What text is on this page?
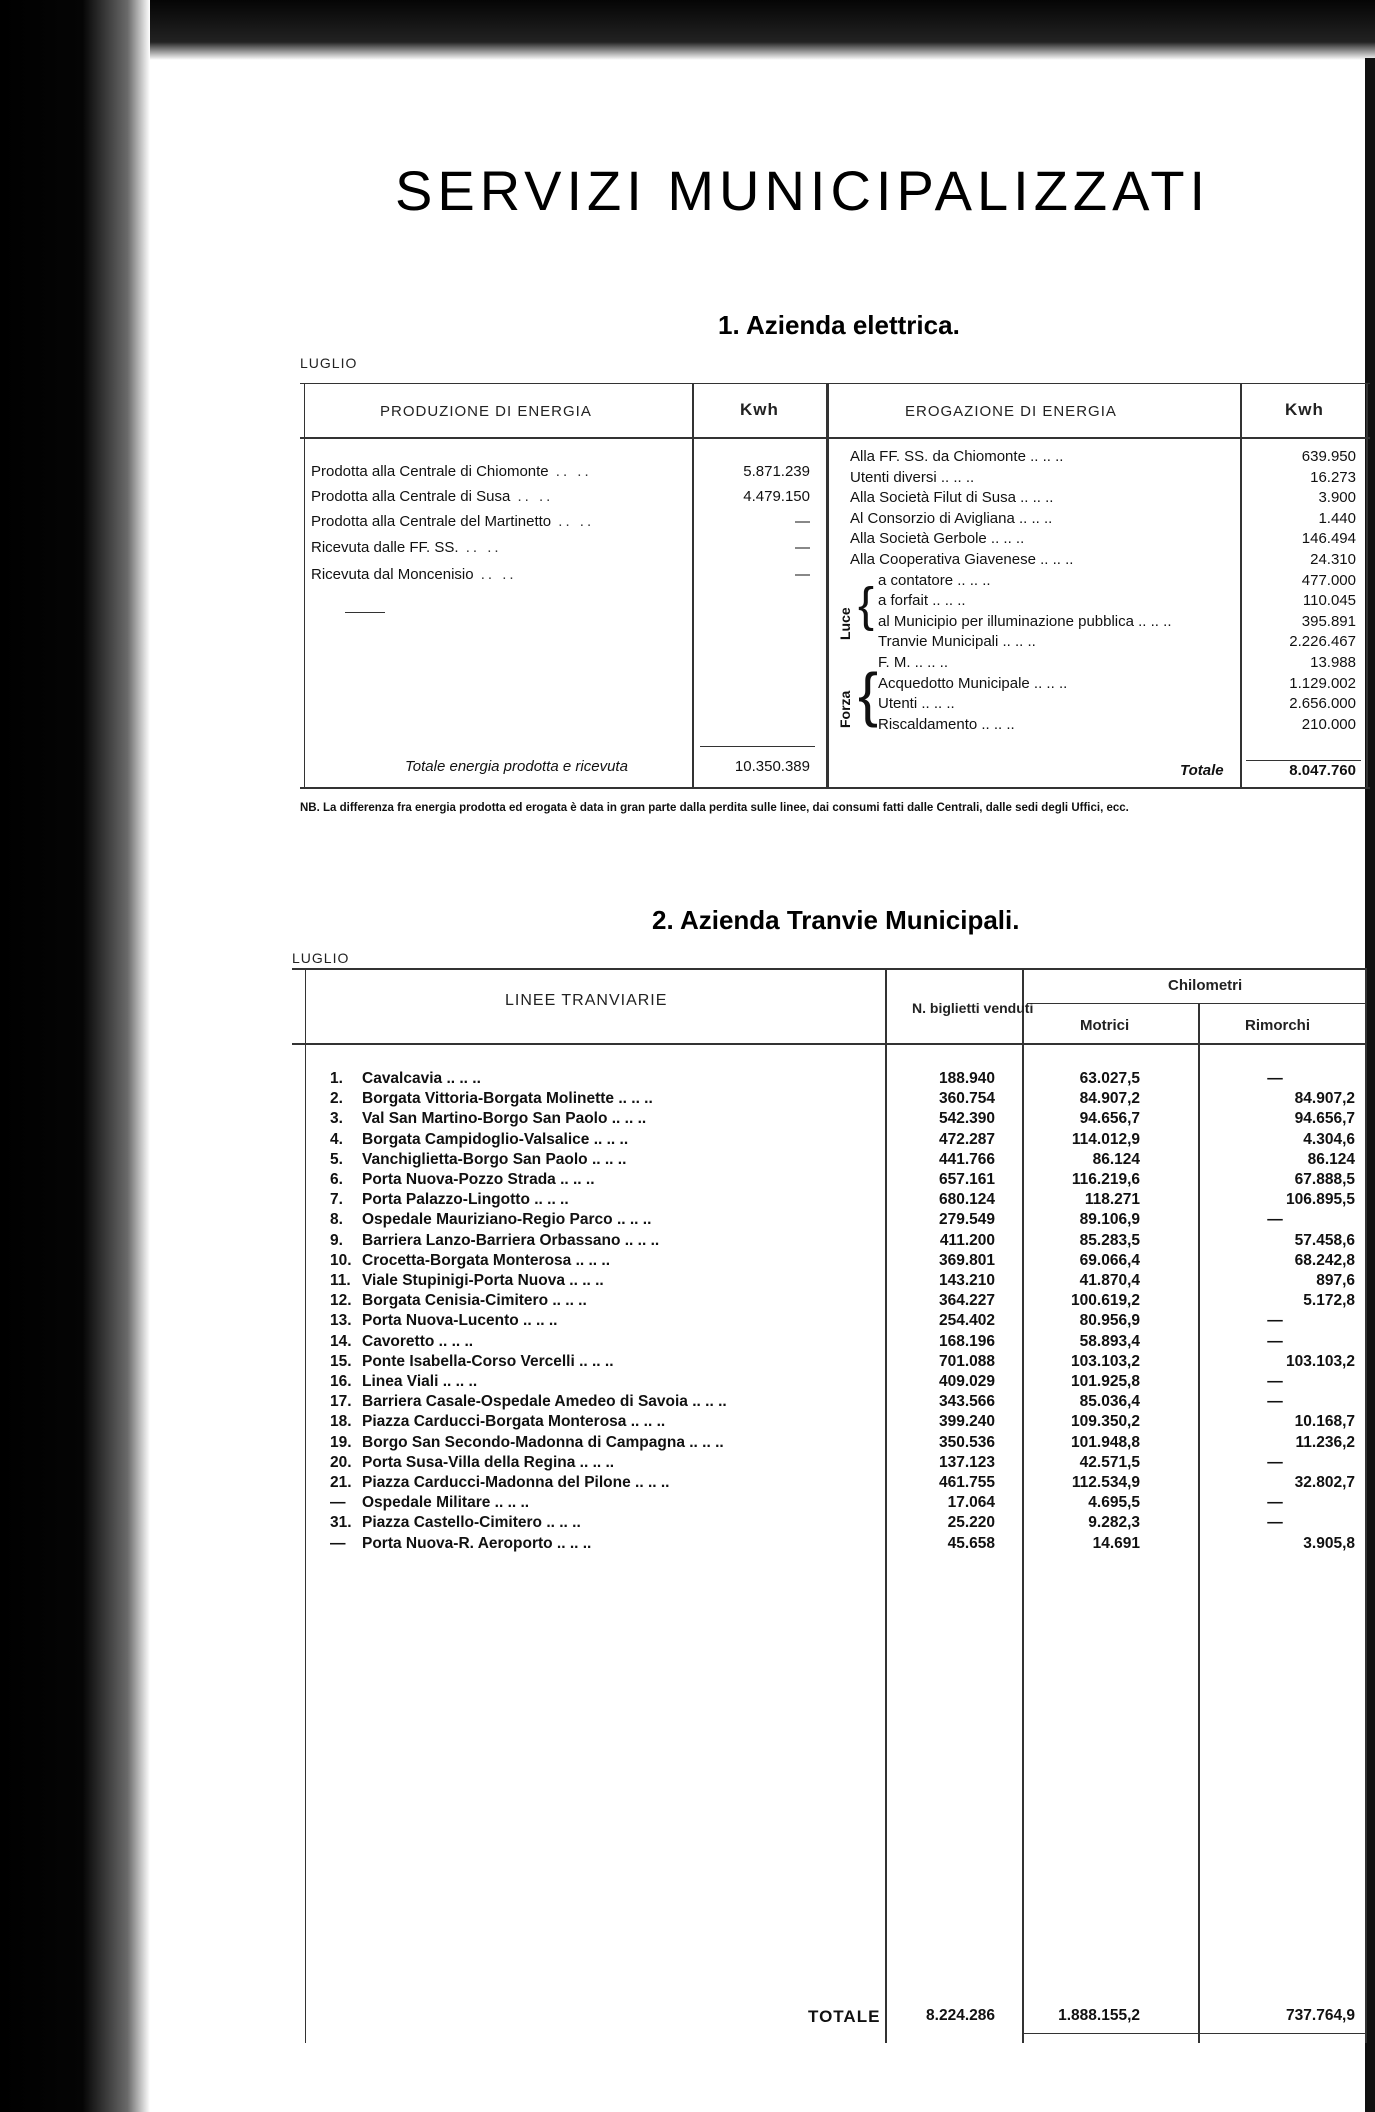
SERVIZI MUNICIPALIZZATI
LUGLIO
1. Azienda elettrica.
PRODUZIONE DI ENERGIA	Kwh	EROGAZIONE DI ENERGIA	Kwh
Prodotta alla Centrale di Chiomonte .. ..	5.871.239
Prodotta alla Centrale di Susa .. ..	4.479.150
Prodotta alla Centrale del Martinetto .. ..	—
Ricevuta dalle FF. SS. .. ..	—
Ricevuta dal Moncenisio .. ..	—
Totale energia prodotta e ricevuta	10.350.389
Alla FF. SS. da Chiomonte .. .. ..	639.950
Utenti diversi .. .. ..	16.273
Alla Società Filut di Susa .. .. ..	3.900
Al Consorzio di Avigliana .. .. ..	1.440
Alla Società Gerbole .. .. ..	146.494
Alla Cooperativa Giavenese .. .. ..	24.310
a contatore .. .. ..	477.000
a forfait .. .. ..	110.045
al Municipio per illuminazione pubblica .. .. ..	395.891
Tranvie Municipali .. .. ..	2.226.467
F. M. .. .. ..	13.988
Acquedotto Municipale .. .. ..	1.129.002
Utenti .. .. ..	2.656.000
Riscaldamento .. .. ..	210.000
Luce
Forza
Totale	8.047.760
{
{
NB. La differenza fra energia prodotta ed erogata è data in gran parte dalla perdita sulle linee, dai consumi fatti dalle Centrali, dalle sedi degli Uffici, ecc.
LUGLIO
2. Azienda Tranvie Municipali.
LINEE TRANVIARIE	N. biglietti venduti
Chilometri
Motrici	Rimorchi
1.	Cavalcavia .. .. ..	188.940	63.027,5	—
2.	Borgata Vittoria-Borgata Molinette .. .. ..	360.754	84.907,2	84.907,2
3.	Val San Martino-Borgo San Paolo .. .. ..	542.390	94.656,7	94.656,7
4.	Borgata Campidoglio-Valsalice .. .. ..	472.287	114.012,9	4.304,6
5.	Vanchiglietta-Borgo San Paolo .. .. ..	441.766	86.124	86.124
6.	Porta Nuova-Pozzo Strada .. .. ..	657.161	116.219,6	67.888,5
7.	Porta Palazzo-Lingotto .. .. ..	680.124	118.271	106.895,5
8.	Ospedale Mauriziano-Regio Parco .. .. ..	279.549	89.106,9	—
9.	Barriera Lanzo-Barriera Orbassano .. .. ..	411.200	85.283,5	57.458,6
10. Crocetta-Borgata Monterosa .. .. ..	369.801	69.066,4	68.242,8
11. Viale Stupinigi-Porta Nuova .. .. ..	143.210	41.870,4	897,6
12. Borgata Cenisia-Cimitero .. .. ..	364.227	100.619,2	5.172,8
13. Porta Nuova-Lucento .. .. ..	254.402	80.956,9	—
14. Cavoretto .. .. ..	168.196	58.893,4	—
15. Ponte Isabella-Corso Vercelli .. .. ..	701.088	103.103,2	103.103,2
16. Linea Viali .. .. ..	409.029	101.925,8	—
17. Barriera Casale-Ospedale Amedeo di Savoia .. .. ..	343.566	85.036,4	—
18. Piazza Carducci-Borgata Monterosa .. .. ..	399.240	109.350,2	10.168,7
19. Borgo San Secondo-Madonna di Campagna .. .. ..	350.536	101.948,8	11.236,2
20. Porta Susa-Villa della Regina .. .. ..	137.123	42.571,5	—
21. Piazza Carducci-Madonna del Pilone .. .. ..	461.755	112.534,9	32.802,7
—	Ospedale Militare .. .. ..	17.064	4.695,5	—
31. Piazza Castello-Cimitero .. .. ..	25.220	9.282,3	—
—	Porta Nuova-R. Aeroporto .. .. ..	45.658	14.691	3.905,8
TOTALE	8.224.286	1.888.155,2	737.764,9
